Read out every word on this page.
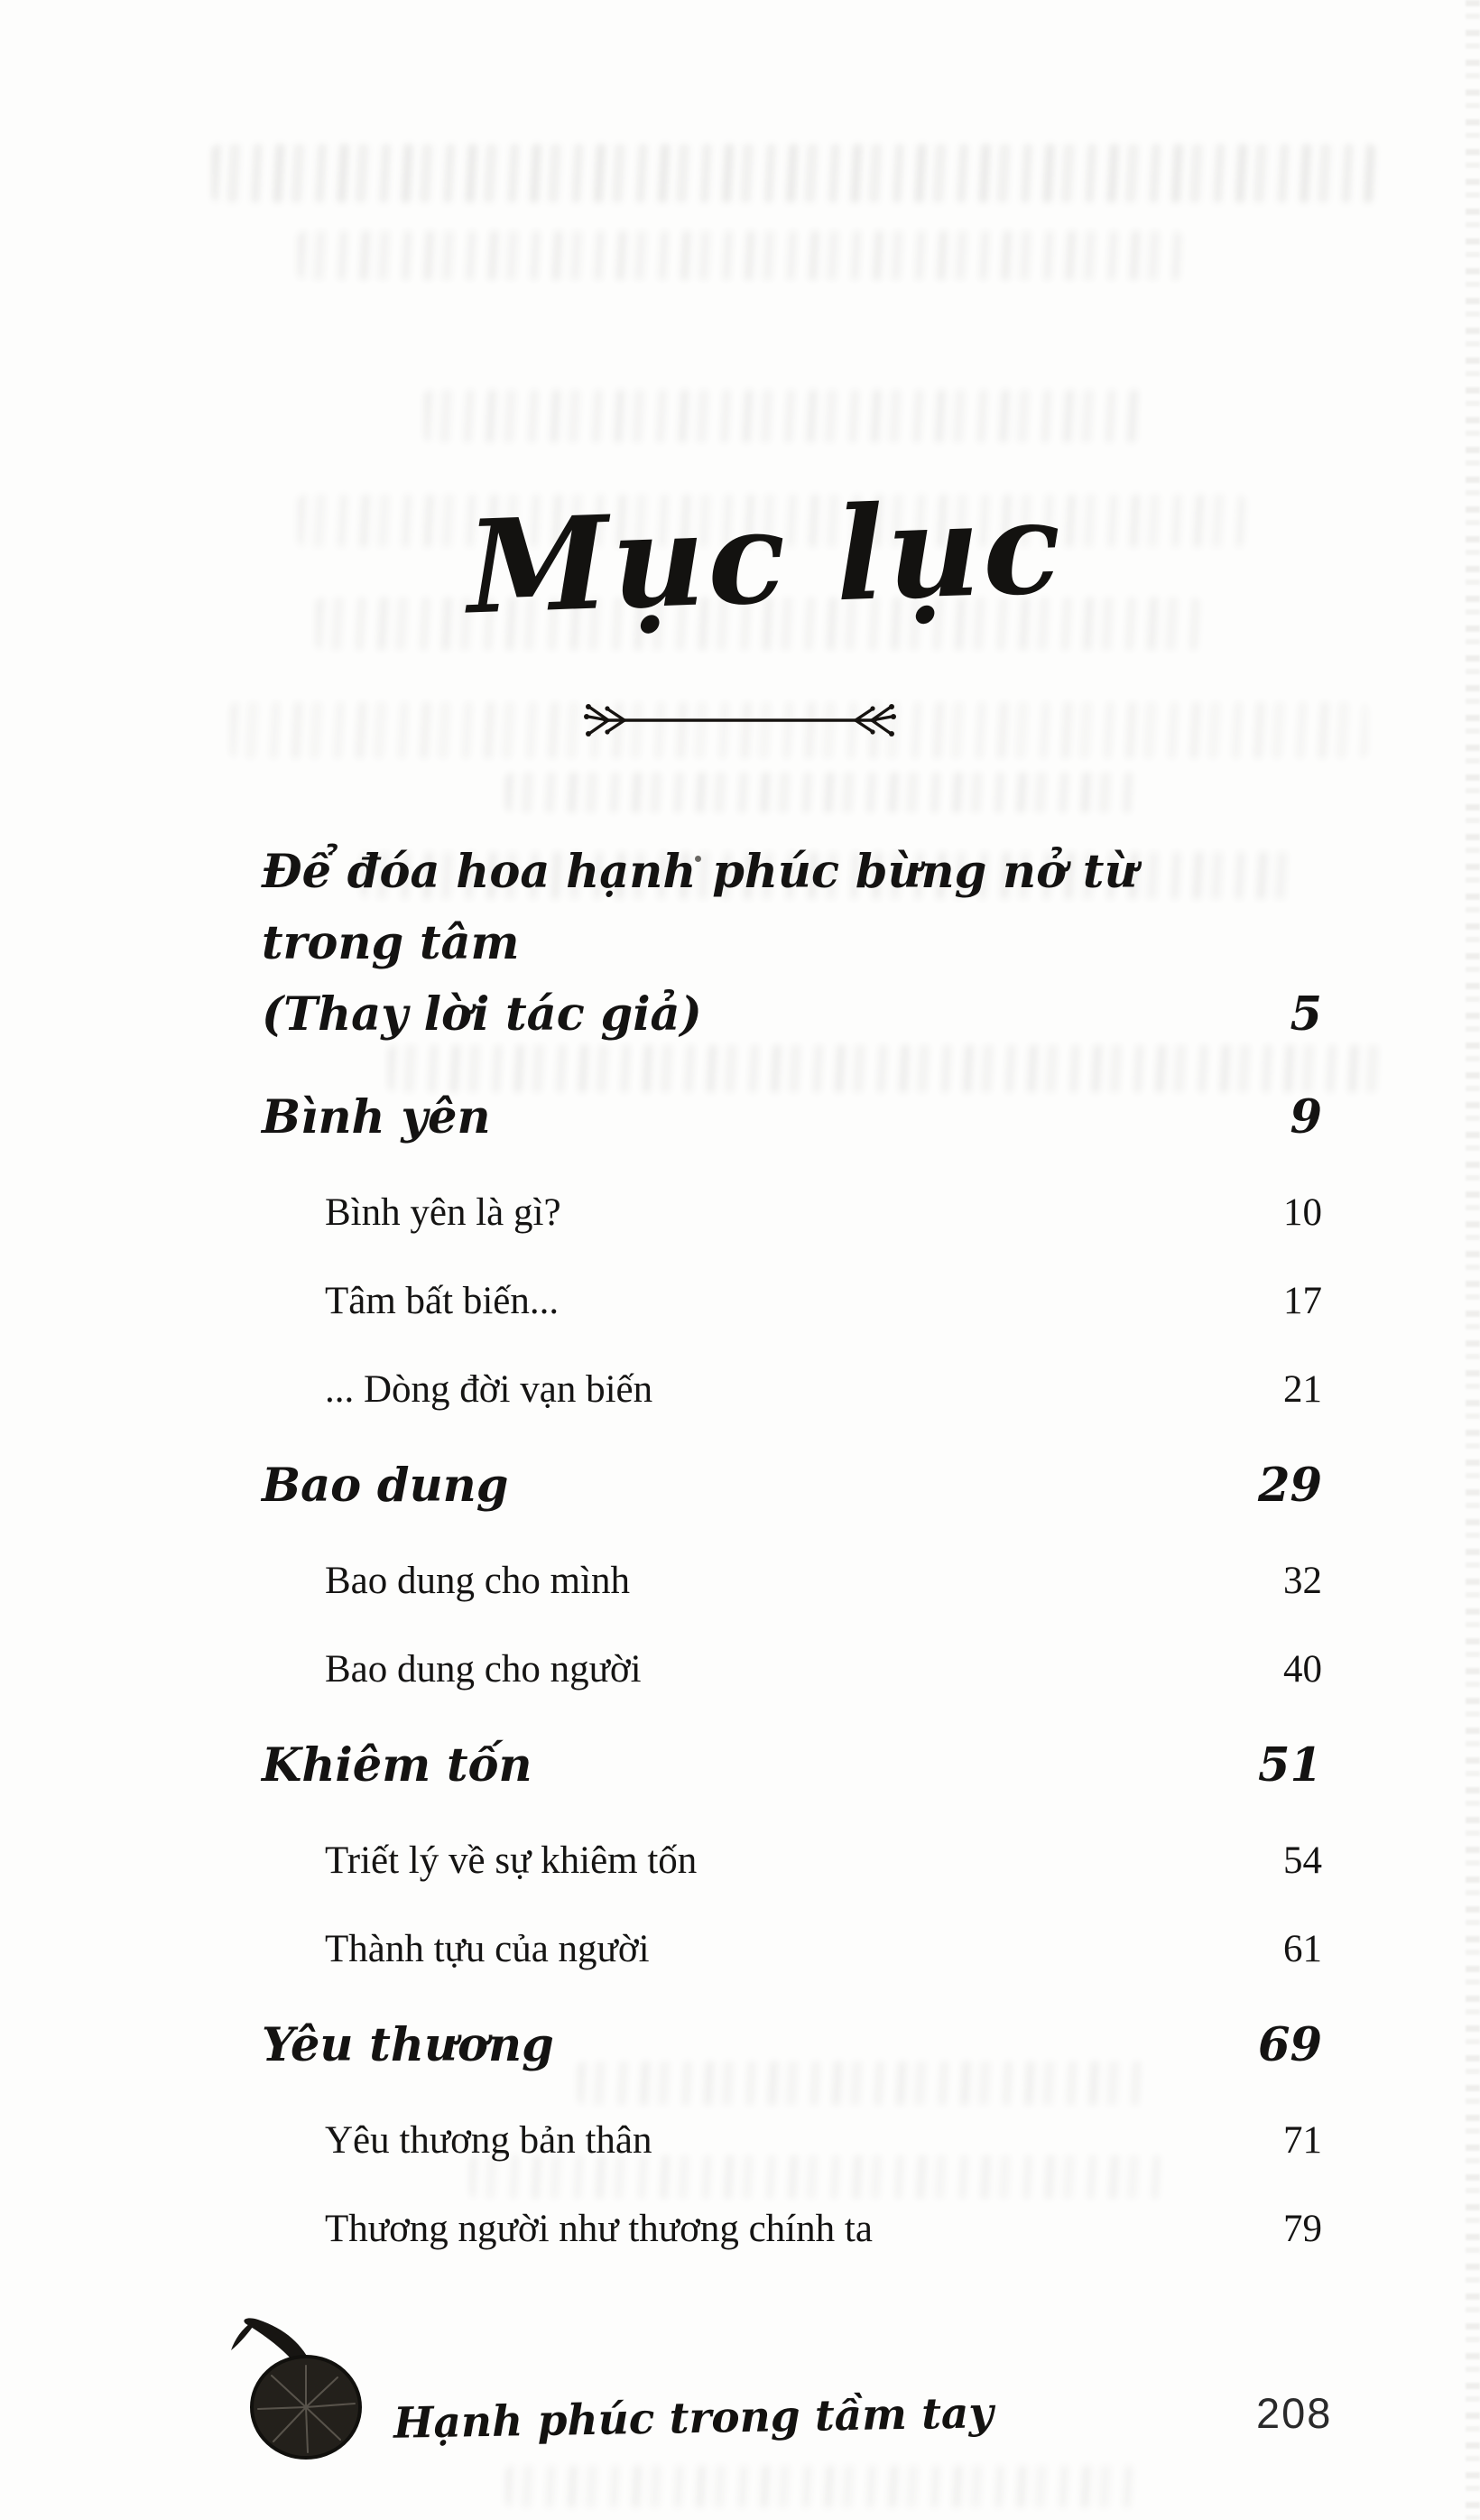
Mục lục
Để đóa hoa hạnh phúc bừng nở từ trong tâm
(Thay lời tác giả)	5
Bình yên	9
Bình yên là gì?	10
Tâm bất biến...	17
... Dòng đời vạn biến	21
Bao dung	29
Bao dung cho mình	32
Bao dung cho người	40
Khiêm tốn	51
Triết lý về sự khiêm tốn	54
Thành tựu của người	61
Yêu thương	69
Yêu thương bản thân	71
Thương người như thương chính ta	79
Hạnh phúc trong tầm tay	208
